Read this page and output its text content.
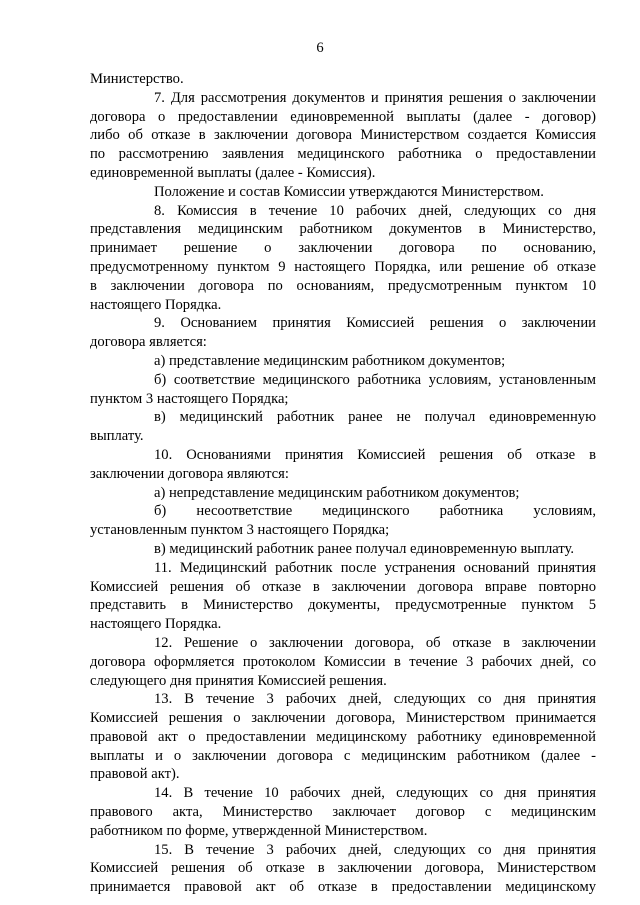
6
Министерство.
7. Для рассмотрения документов и принятия решения о заключении
договора о предоставлении единовременной выплаты (далее - договор)
либо об отказе в заключении договора Министерством создается Комиссия
по рассмотрению заявления медицинского работника о предоставлении
единовременной выплаты (далее - Комиссия).
Положение и состав Комиссии утверждаются Министерством.
8. Комиссия в течение 10 рабочих дней, следующих со дня
представления медицинским работником документов в Министерство,
принимает решение о заключении договора по основанию,
предусмотренному пунктом 9 настоящего Порядка, или решение об отказе
в заключении договора по основаниям, предусмотренным пунктом 10
настоящего Порядка.
9. Основанием принятия Комиссией решения о заключении
договора является:
а) представление медицинским работником документов;
б) соответствие медицинского работника условиям, установленным
пунктом 3 настоящего Порядка;
в) медицинский работник ранее не получал единовременную
выплату.
10. Основаниями принятия Комиссией решения об отказе в
заключении договора являются:
а) непредставление медицинским работником документов;
б) несоответствие медицинского работника условиям,
установленным пунктом 3 настоящего Порядка;
в) медицинский работник ранее получал единовременную выплату.
11. Медицинский работник после устранения оснований принятия
Комиссией решения об отказе в заключении договора вправе повторно
представить в Министерство документы, предусмотренные пунктом 5
настоящего Порядка.
12. Решение о заключении договора, об отказе в заключении
договора оформляется протоколом Комиссии в течение 3 рабочих дней, со
следующего дня принятия Комиссией решения.
13. В течение 3 рабочих дней, следующих со дня принятия
Комиссией решения о заключении договора, Министерством принимается
правовой акт о предоставлении медицинскому работнику единовременной
выплаты и о заключении договора с медицинским работником (далее -
правовой акт).
14. В течение 10 рабочих дней, следующих со дня принятия
правового акта, Министерство заключает договор с медицинским
работником по форме, утвержденной Министерством.
15. В течение 3 рабочих дней, следующих со дня принятия
Комиссией решения об отказе в заключении договора, Министерством
принимается правовой акт об отказе в предоставлении медицинскому
